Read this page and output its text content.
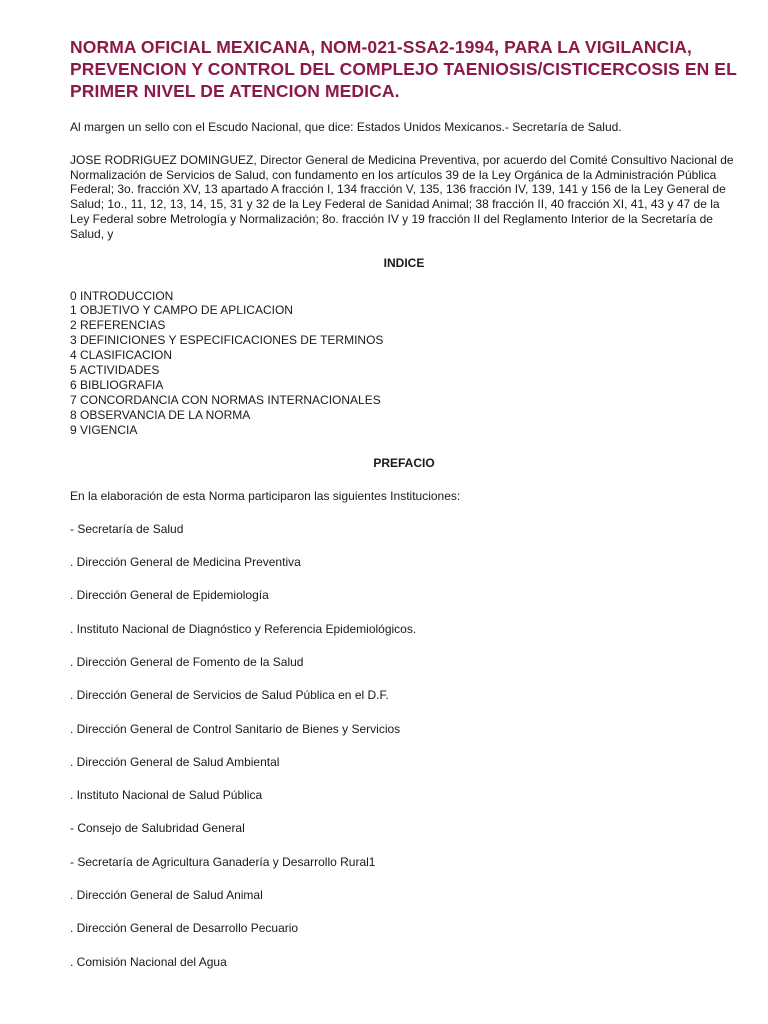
NORMA OFICIAL MEXICANA, NOM-021-SSA2-1994, PARA LA VIGILANCIA, PREVENCION Y CONTROL DEL COMPLEJO TAENIOSIS/CISTICERCOSIS EN EL PRIMER NIVEL DE ATENCION MEDICA.

Al margen un sello con el Escudo Nacional, que dice: Estados Unidos Mexicanos.- Secretaría de Salud.

JOSE RODRIGUEZ DOMINGUEZ, Director General de Medicina Preventiva, por acuerdo del Comité Consultivo Nacional de Normalización de Servicios de Salud, con fundamento en los artículos 39 de la Ley Orgánica de la Administración Pública Federal; 3o. fracción XV, 13 apartado A fracción I, 134 fracción V, 135, 136 fracción IV, 139, 141 y 156 de la Ley General de Salud; 1o., 11, 12, 13, 14, 15, 31 y 32 de la Ley Federal de Sanidad Animal; 38 fracción II, 40 fracción XI, 41, 43 y 47 de la Ley Federal sobre Metrología y Normalización; 8o. fracción IV y 19 fracción II del Reglamento Interior de la Secretaría de Salud, y

INDICE
0 INTRODUCCION
1 OBJETIVO Y CAMPO DE APLICACION
2 REFERENCIAS
3 DEFINICIONES Y ESPECIFICACIONES DE TERMINOS
4 CLASIFICACION
5 ACTIVIDADES
6 BIBLIOGRAFIA
7 CONCORDANCIA CON NORMAS INTERNACIONALES
8 OBSERVANCIA DE LA NORMA
9 VIGENCIA
PREFACIO

En la elaboración de esta Norma participaron las siguientes Instituciones:

- Secretaría de Salud
. Dirección General de Medicina Preventiva
. Dirección General de Epidemiología
. Instituto Nacional de Diagnóstico y Referencia Epidemiológicos.
. Dirección General de Fomento de la Salud
. Dirección General de Servicios de Salud Pública en el D.F.
. Dirección General de Control Sanitario de Bienes y Servicios
. Dirección General de Salud Ambiental
. Instituto Nacional de Salud Pública
- Consejo de Salubridad General
- Secretaría de Agricultura Ganadería y Desarrollo Rural1
. Dirección General de Salud Animal
. Dirección General de Desarrollo Pecuario
. Comisión Nacional del Agua
